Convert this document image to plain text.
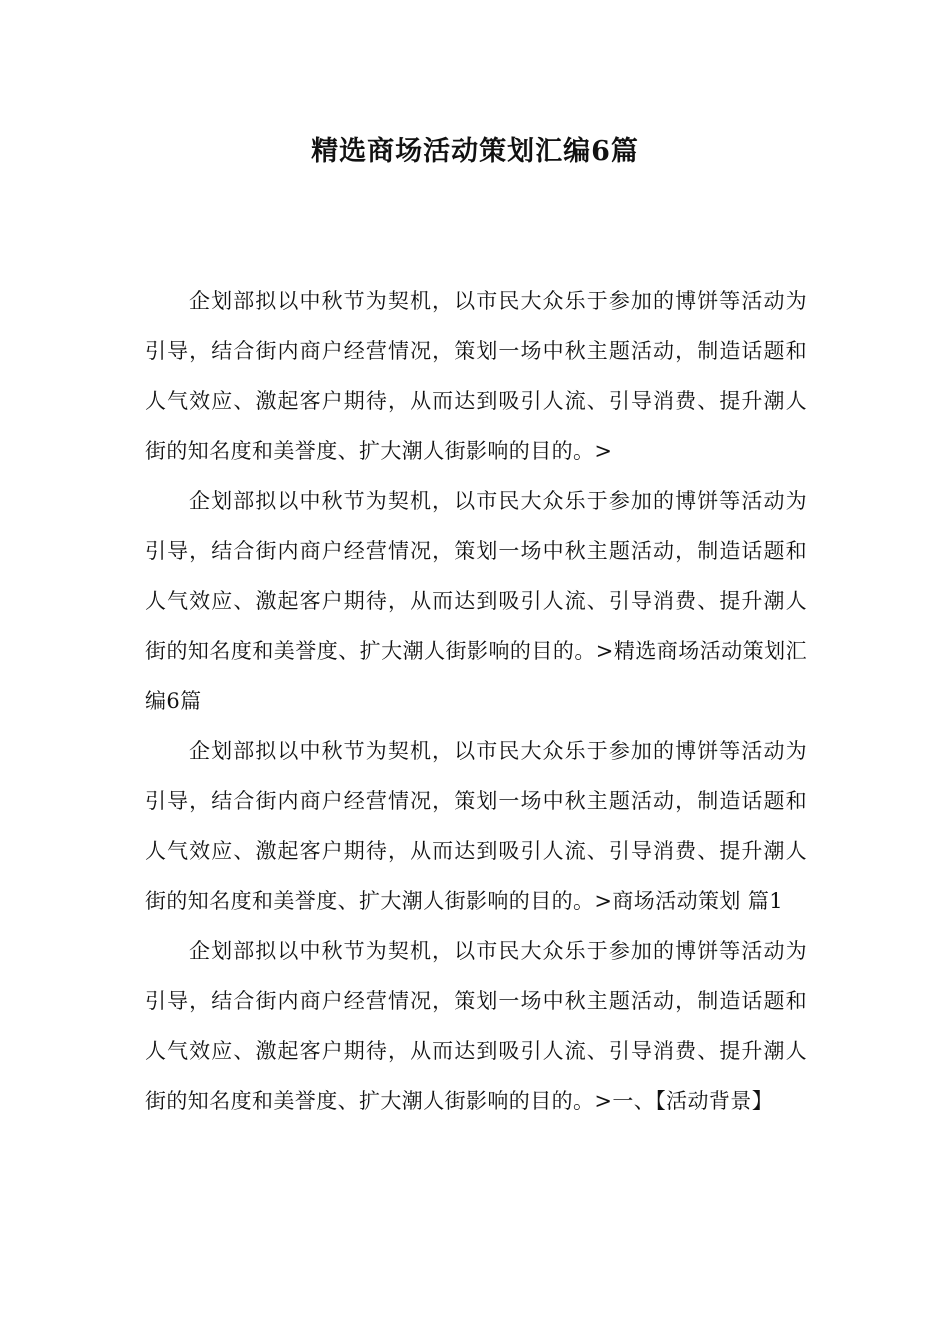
精选商场活动策划汇编6篇

企划部拟以中秋节为契机，以市民大众乐于参加的博饼等活动为引导，结合街内商户经营情况，策划一场中秋主题活动，制造话题和人气效应、激起客户期待，从而达到吸引人流、引导消费、提升潮人街的知名度和美誉度、扩大潮人街影响的目的。>

企划部拟以中秋节为契机，以市民大众乐于参加的博饼等活动为引导，结合街内商户经营情况，策划一场中秋主题活动，制造话题和人气效应、激起客户期待，从而达到吸引人流、引导消费、提升潮人街的知名度和美誉度、扩大潮人街影响的目的。>精选商场活动策划汇编6篇

企划部拟以中秋节为契机，以市民大众乐于参加的博饼等活动为引导，结合街内商户经营情况，策划一场中秋主题活动，制造话题和人气效应、激起客户期待，从而达到吸引人流、引导消费、提升潮人街的知名度和美誉度、扩大潮人街影响的目的。>商场活动策划 篇1

企划部拟以中秋节为契机，以市民大众乐于参加的博饼等活动为引导，结合街内商户经营情况，策划一场中秋主题活动，制造话题和人气效应、激起客户期待，从而达到吸引人流、引导消费、提升潮人街的知名度和美誉度、扩大潮人街影响的目的。>一、【活动背景】
